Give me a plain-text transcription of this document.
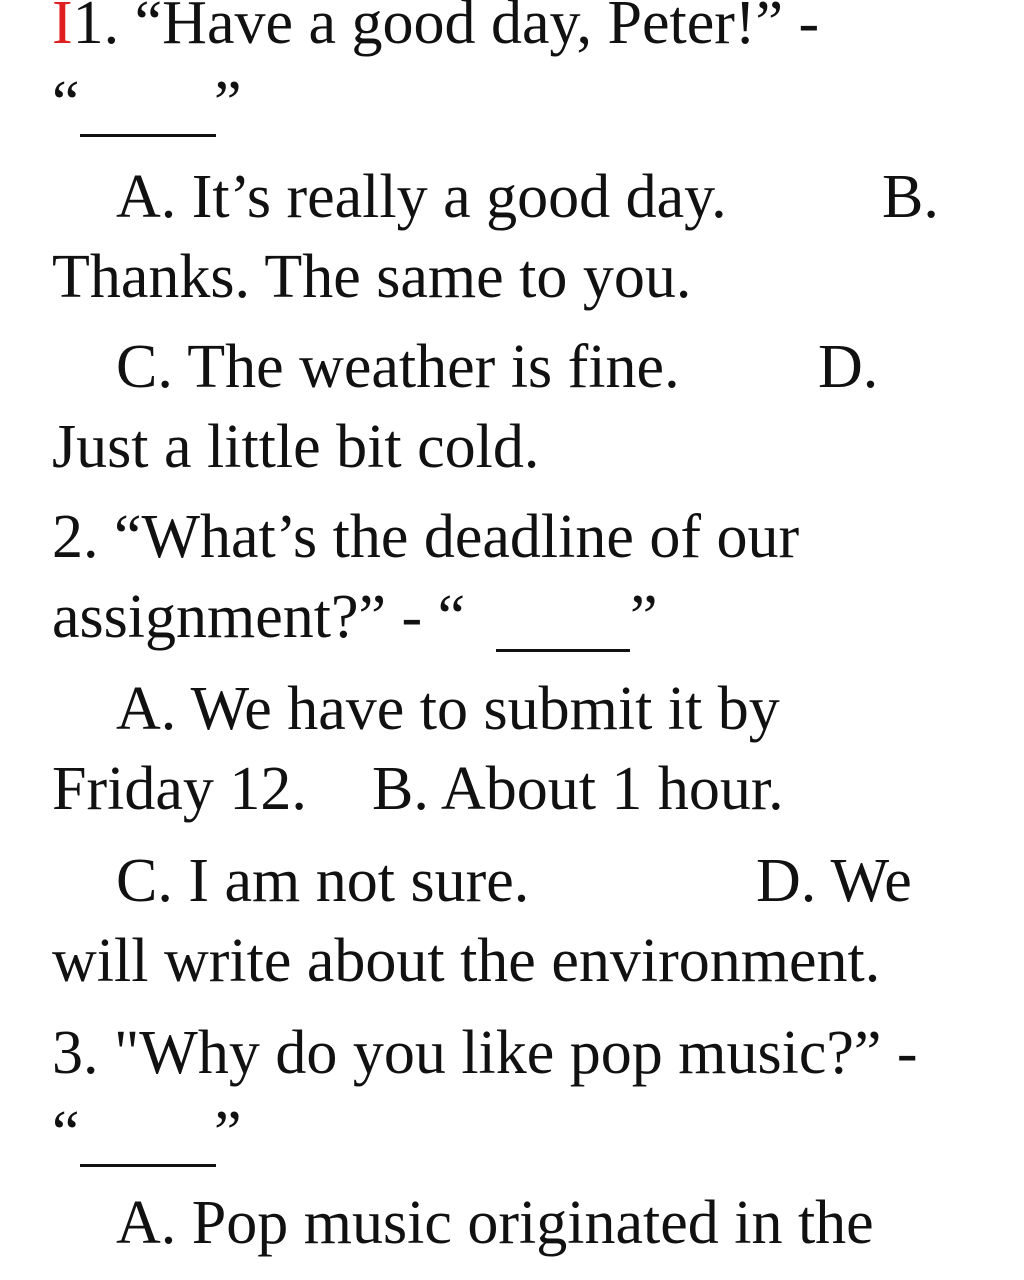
I1. “Have a good day, Peter!” -
“ ”
A. It’s really a good day.	B.
Thanks. The same to you.
C. The weather is fine. D.
Just a little bit cold.
2. “What’s the deadline of our
assignment?” - “	”
A. We have to submit it by
Friday 12. B. About 1 hour.
C. I am not sure.	D. We
will write about the environment.
3. "Why do you like pop music?” -
“ ”
A. Pop music originated in the
